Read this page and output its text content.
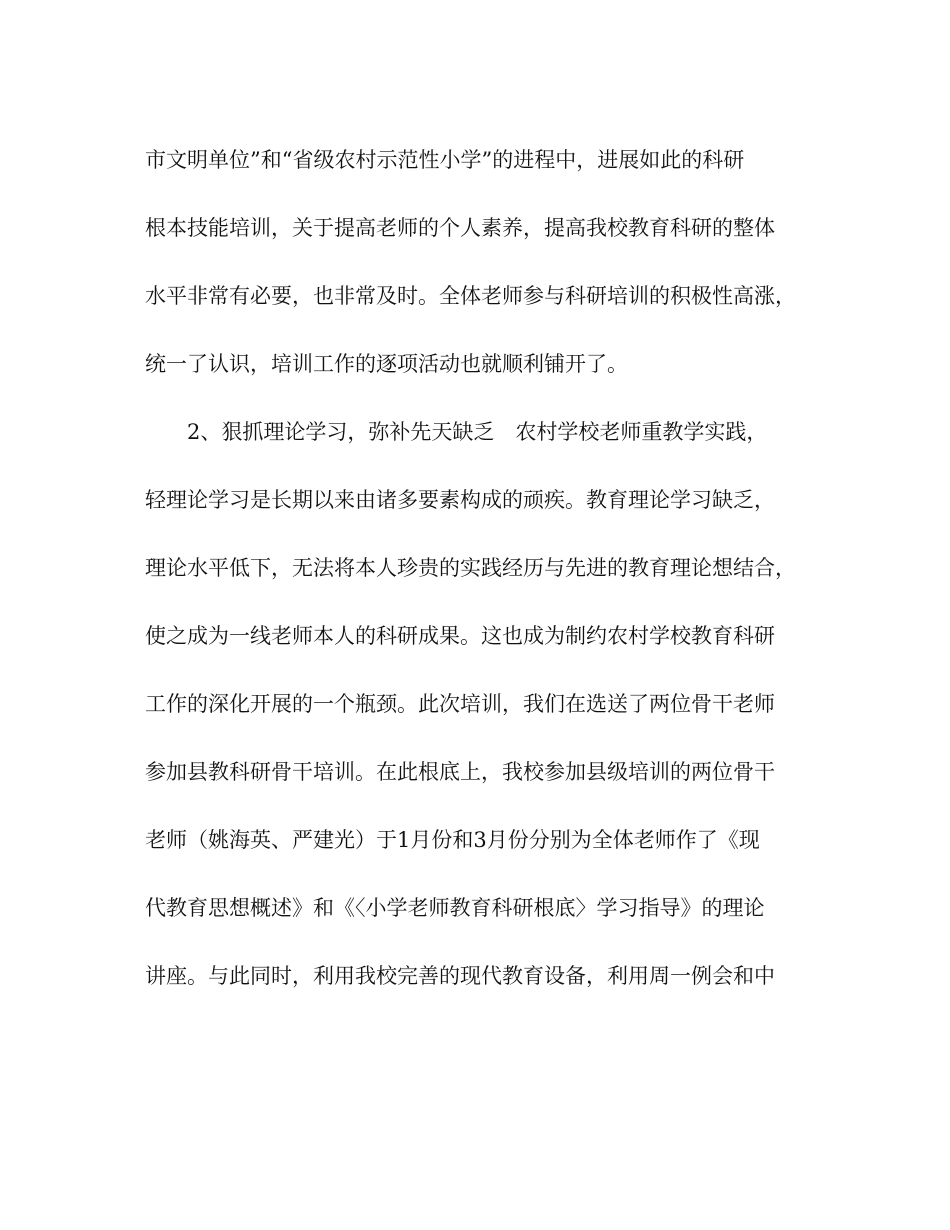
市文明单位”和“省级农村示范性小学”的进程中，进展如此的科研
根本技能培训，关于提高老师的个人素养，提高我校教育科研的整体
水平非常有必要，也非常及时。全体老师参与科研培训的积极性高涨，
统一了认识，培训工作的逐项活动也就顺利铺开了。
2、狠抓理论学习，弥补先天缺乏　农村学校老师重教学实践，
轻理论学习是长期以来由诸多要素构成的顽疾。教育理论学习缺乏，
理论水平低下，无法将本人珍贵的实践经历与先进的教育理论想结合，
使之成为一线老师本人的科研成果。这也成为制约农村学校教育科研
工作的深化开展的一个瓶颈。此次培训，我们在选送了两位骨干老师
参加县教科研骨干培训。在此根底上，我校参加县级培训的两位骨干
老师（姚海英、严建光）于1月份和3月份分别为全体老师作了《现
代教育思想概述》和《〈小学老师教育科研根底〉学习指导》的理论
讲座。与此同时，利用我校完善的现代教育设备，利用周一例会和中
